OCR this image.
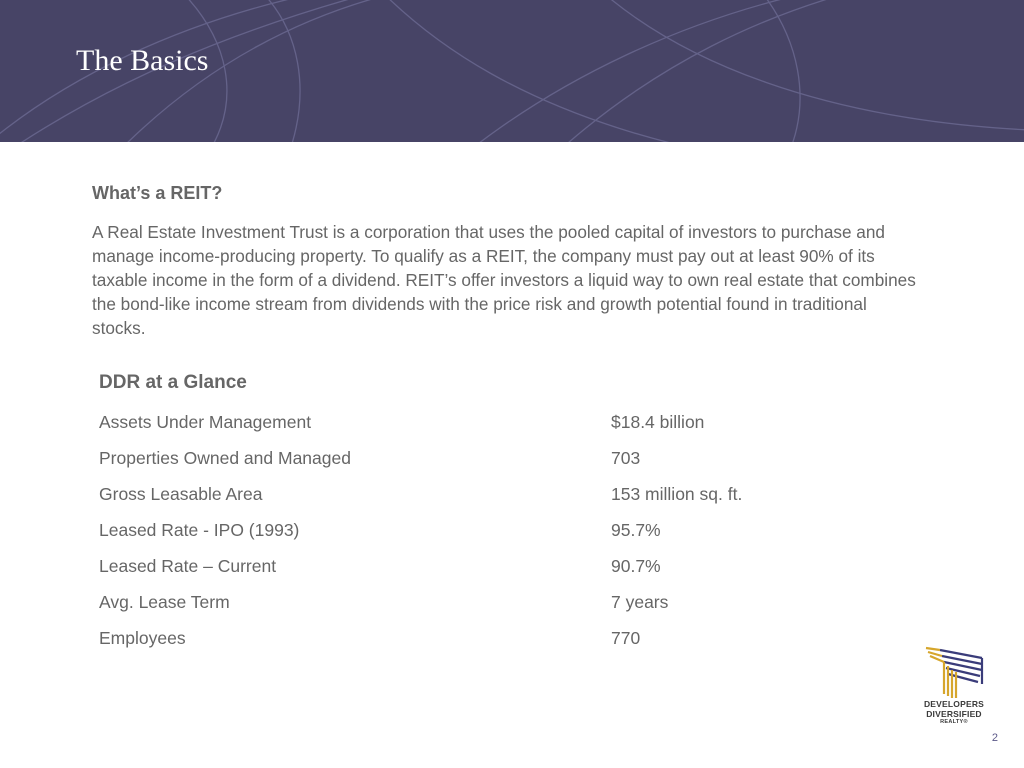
The Basics
What’s a REIT?

A Real Estate Investment Trust is a corporation that uses the pooled capital of investors to purchase and manage income-producing property. To qualify as a REIT, the company must pay out at least 90% of its taxable income in the form of a dividend. REIT’s offer investors a liquid way to own real estate that combines the bond-like income stream from dividends with the price risk and growth potential found in traditional stocks.

DDR at a Glance
Assets Under Management	$18.4 billion
Properties Owned and Managed	703
Gross Leasable Area	153 million sq. ft.
Leased Rate - IPO (1993)	95.7%
Leased Rate – Current	90.7%
Avg. Lease Term	7 years
Employees	770
DEVELOPERS
DIVERSIFIED
REALTY®
2
